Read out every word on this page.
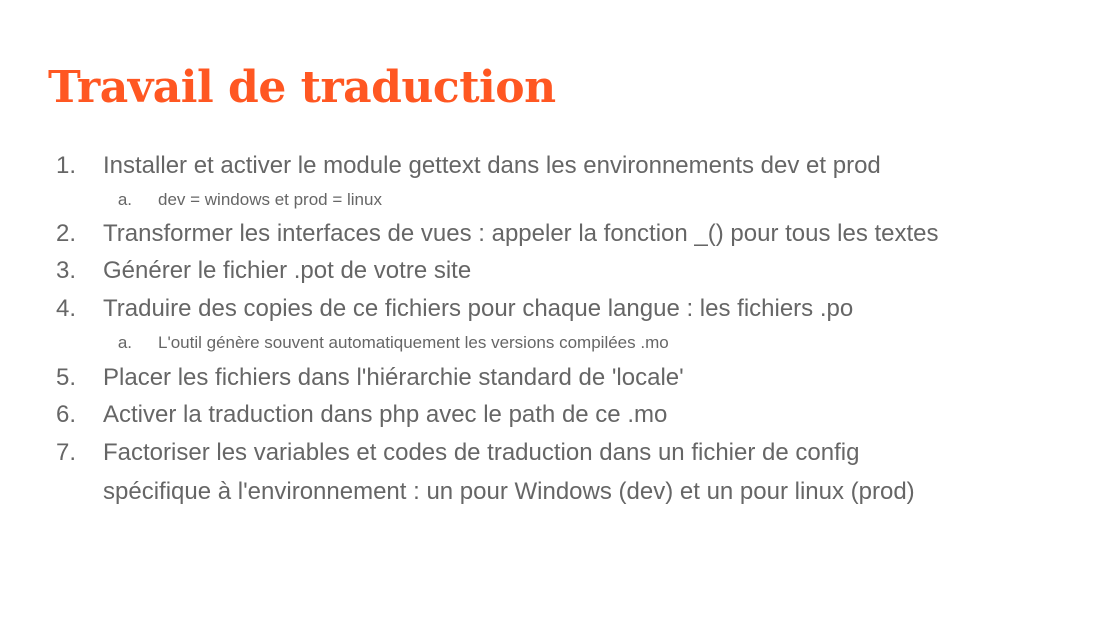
Travail de traduction
1. Installer et activer le module gettext dans les environnements dev et prod
a. dev = windows et prod = linux
2. Transformer les interfaces de vues : appeler la fonction _() pour tous les textes
3. Générer le fichier .pot de votre site
4. Traduire des copies de ce fichiers pour chaque langue : les fichiers .po
a. L'outil génère souvent automatiquement les versions compilées .mo
5. Placer les fichiers dans l'hiérarchie standard de 'locale'
6. Activer la traduction dans php avec le path de ce .mo
7. Factoriser les variables et codes de traduction dans un fichier de config
spécifique à l'environnement : un pour Windows (dev) et un pour linux (prod)
